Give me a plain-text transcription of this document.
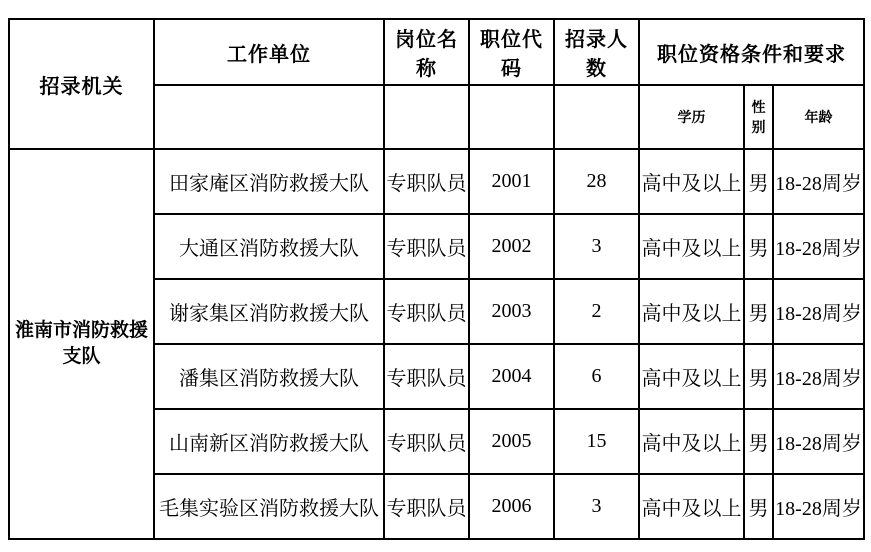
招录机关	工作单位	岗位名称	职位代码	招录人数	职位资格条件和要求		
					学历	性别	年龄
淮南市消防救援支队	田家庵区消防救援大队	专职队员	2001	28	高中及以上	男	18-28周岁
	大通区消防救援大队	专职队员	2002	3	高中及以上	男	18-28周岁
	谢家集区消防救援大队	专职队员	2003	2	高中及以上	男	18-28周岁
	潘集区消防救援大队	专职队员	2004	6	高中及以上	男	18-28周岁
	山南新区消防救援大队	专职队员	2005	15	高中及以上	男	18-28周岁
	毛集实验区消防救援大队	专职队员	2006	3	高中及以上	男	18-28周岁
